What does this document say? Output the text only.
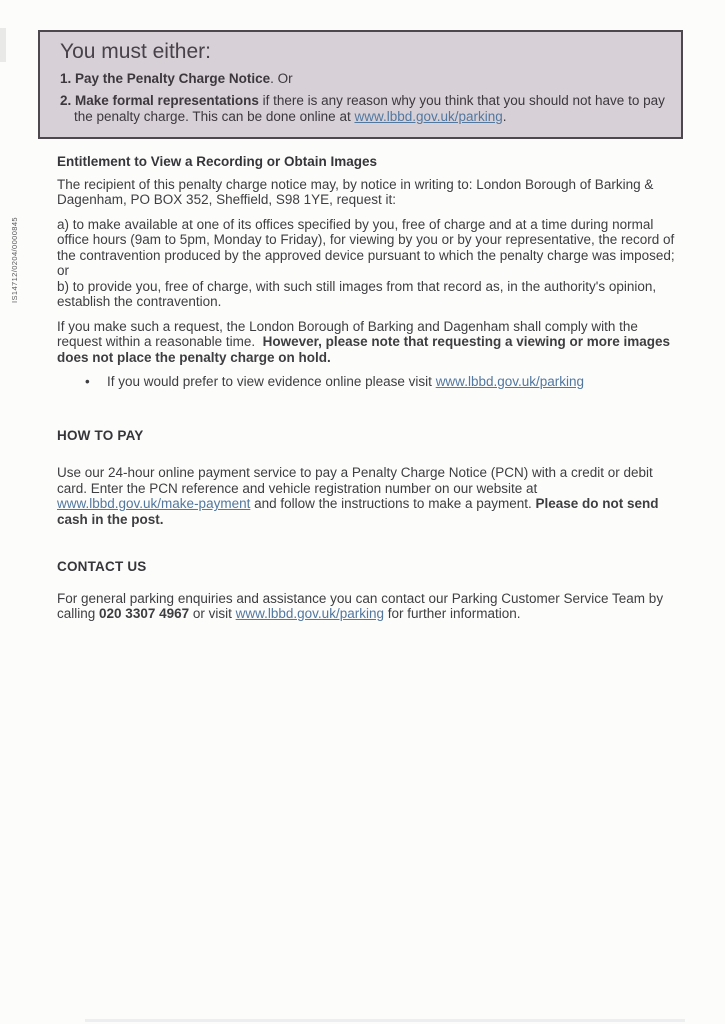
IS14712/0204/0000845
You must either:
1. Pay the Penalty Charge Notice. Or
2. Make formal representations if there is any reason why you think that you should not have to pay the penalty charge. This can be done online at www.lbbd.gov.uk/parking.
Entitlement to View a Recording or Obtain Images

The recipient of this penalty charge notice may, by notice in writing to: London Borough of Barking & Dagenham, PO BOX 352, Sheffield, S98 1YE, request it:

a) to make available at one of its offices specified by you, free of charge and at a time during normal office hours (9am to 5pm, Monday to Friday), for viewing by you or by your representative, the record of the contravention produced by the approved device pursuant to which the penalty charge was imposed; or
b) to provide you, free of charge, with such still images from that record as, in the authority's opinion, establish the contravention.

If you make such a request, the London Borough of Barking and Dagenham shall comply with the request within a reasonable time.  However, please note that requesting a viewing or more images does not place the penalty charge on hold.

•	If you would prefer to view evidence online please visit www.lbbd.gov.uk/parking
HOW TO PAY

Use our 24-hour online payment service to pay a Penalty Charge Notice (PCN) with a credit or debit card. Enter the PCN reference and vehicle registration number on our website at www.lbbd.gov.uk/make-payment and follow the instructions to make a payment. Please do not send cash in the post.

CONTACT US

For general parking enquiries and assistance you can contact our Parking Customer Service Team by calling 020 3307 4967 or visit www.lbbd.gov.uk/parking for further information.
